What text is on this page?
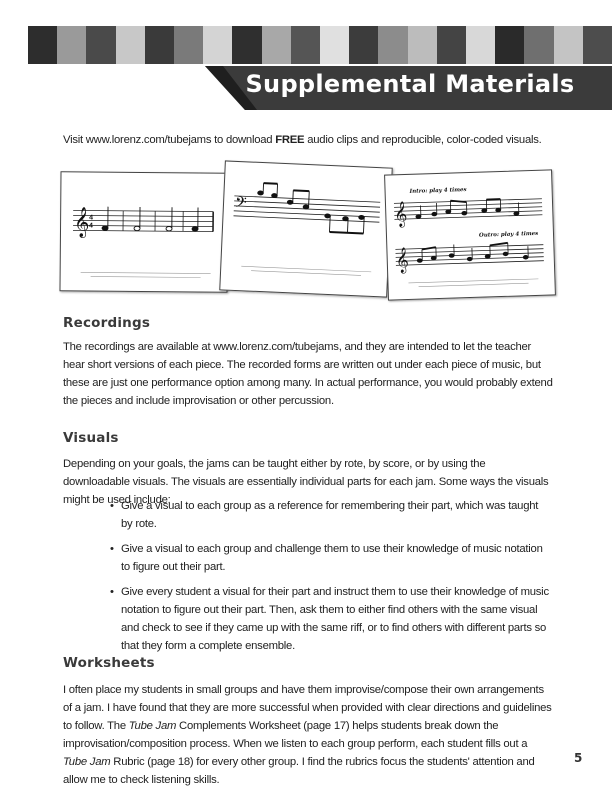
Supplemental Materials

Visit www.lorenz.com/tubejams to download FREE audio clips and reproducible, color-coded visuals.

𝄞 4
4
𝄢	𝄞
𝄞
Intro: play 4 times
Outro: play 4 times
Recordings

The recordings are available at www.lorenz.com/tubejams, and they are intended to let the teacher hear short versions of each piece. The recorded forms are written out under each piece of music, but these are just one performance option among many. In actual performance, you would probably extend the pieces and include improvisation or other percussion.

Visuals

Depending on your goals, the jams can be taught either by rote, by score, or by using the downloadable visuals. The visuals are essentially individual parts for each jam. Some ways the visuals might be used include:

• Give a visual to each group as a reference for remembering their part, which was taught by rote.
• Give a visual to each group and challenge them to use their knowledge of music notation to figure out their part.
• Give every student a visual for their part and instruct them to use their knowledge of music notation to figure out their part. Then, ask them to either find others with the same visual and check to see if they came up with the same riff, or to find others with different parts so that they form a complete ensemble.
Worksheets

I often place my students in small groups and have them improvise/compose their own arrangements of a jam. I have found that they are more successful when provided with clear directions and guidelines to follow. The Tube Jam Complements Worksheet (page 17) helps students break down the improvisation/composition process. When we listen to each group perform, each student fills out a Tube Jam Rubric (page 18) for every other group. I find the rubrics focus the students' attention and allow me to check listening skills.

5
